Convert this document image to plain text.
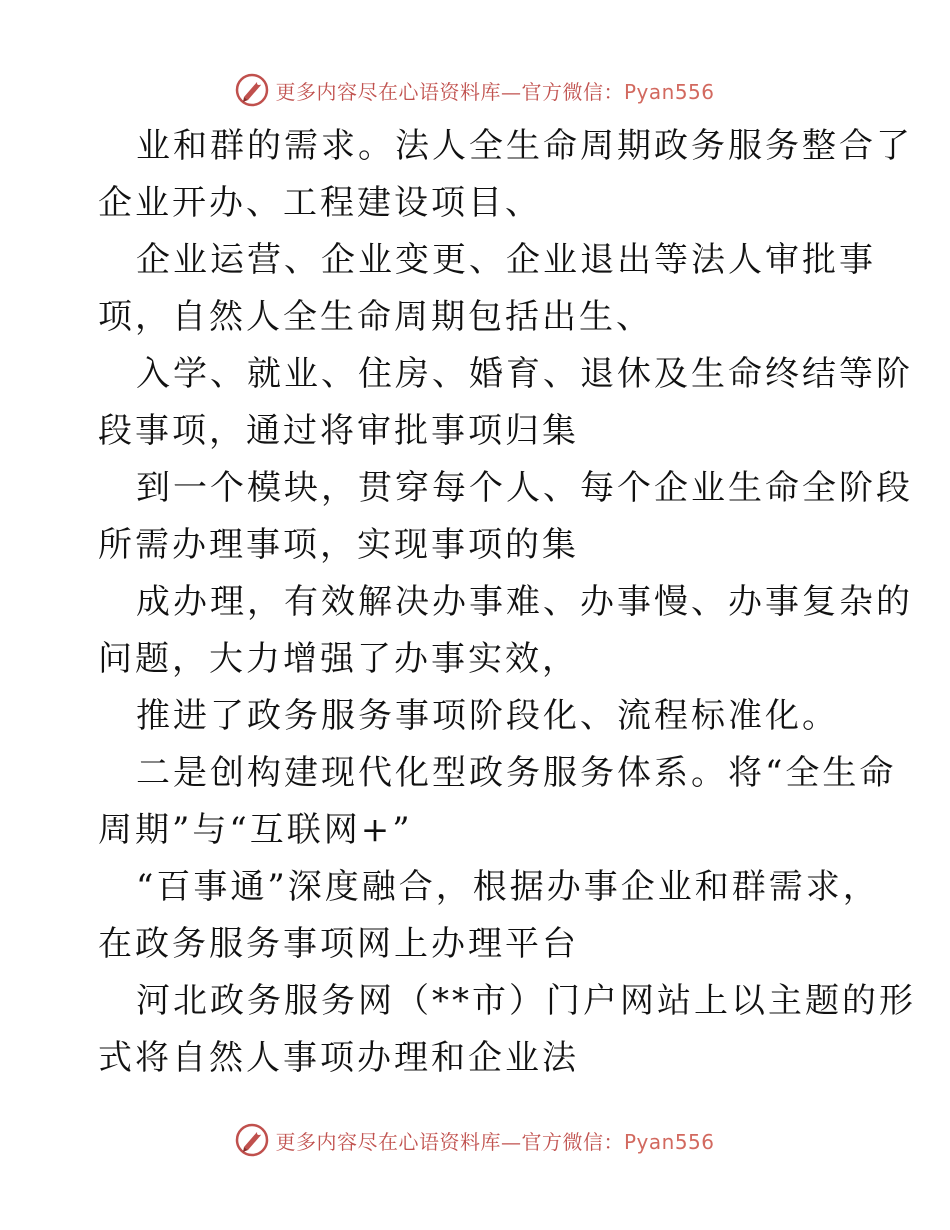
更多内容尽在心语资料库—官方微信：Pyan556
业和群的需求。法人全生命周期政务服务整合了
企业开办、工程建设项目、
企业运营、企业变更、企业退出等法人审批事
项，自然人全生命周期包括出生、
入学、就业、住房、婚育、退休及生命终结等阶
段事项，通过将审批事项归集
到一个模块，贯穿每个人、每个企业生命全阶段
所需办理事项，实现事项的集
成办理，有效解决办事难、办事慢、办事复杂的
问题，大力增强了办事实效，
推进了政务服务事项阶段化、流程标准化。
二是创构建现代化型政务服务体系。将“全生命
周期”与“互联网+”
“百事通”深度融合，根据办事企业和群需求，
在政务服务事项网上办理平台
河北政务服务网（**市）门户网站上以主题的形
式将自然人事项办理和企业法
更多内容尽在心语资料库—官方微信：Pyan556
